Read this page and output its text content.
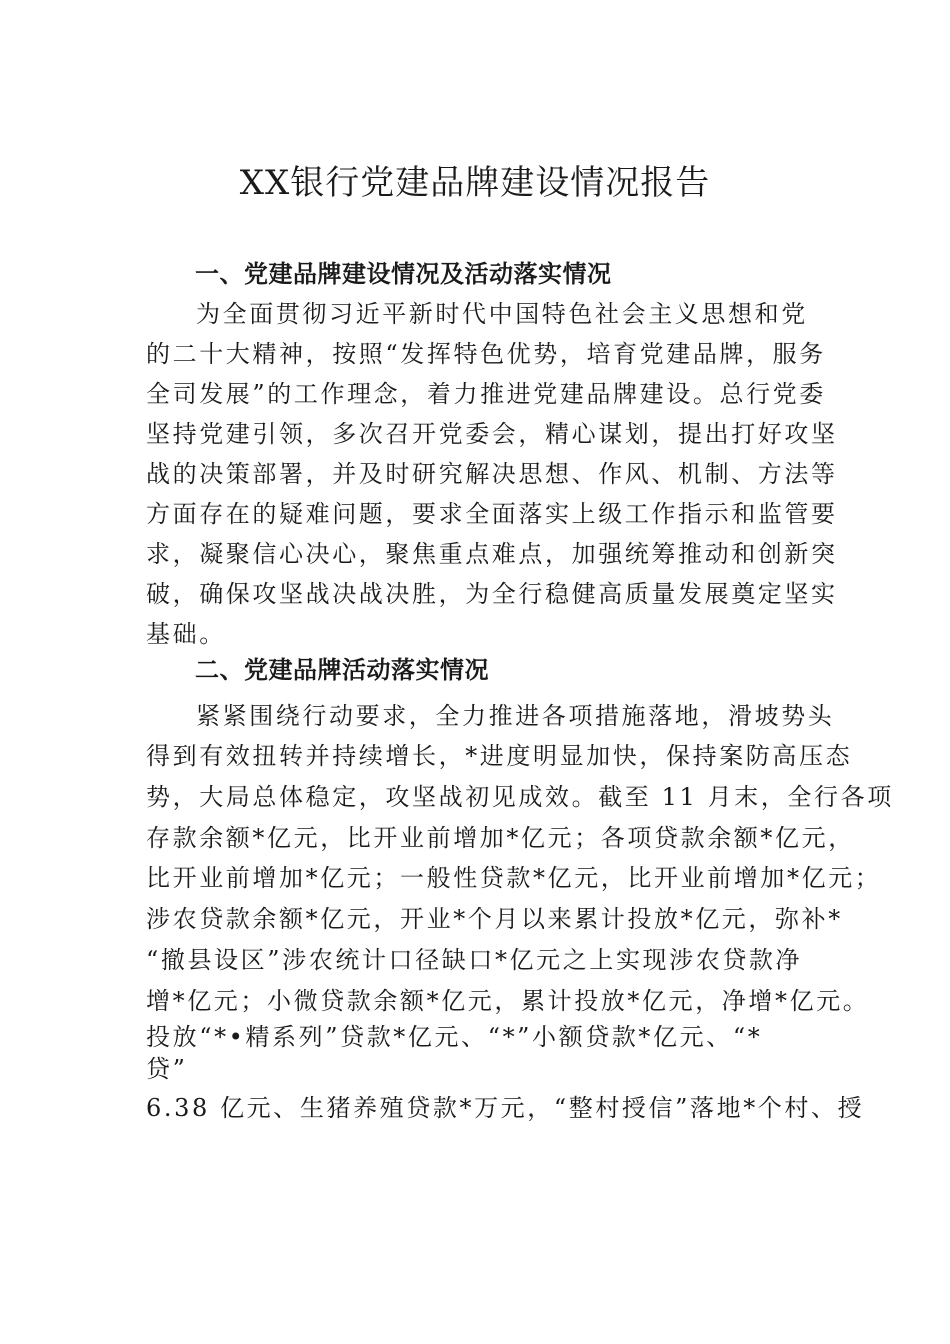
XX银行党建品牌建设情况报告
一、党建品牌建设情况及活动落实情况
为全面贯彻习近平新时代中国特色社会主义思想和党
的二十大精神，按照“发挥特色优势，培育党建品牌，服务
全司发展”的工作理念，着力推进党建品牌建设。总行党委
坚持党建引领，多次召开党委会，精心谋划，提出打好攻坚
战的决策部署，并及时研究解决思想、作风、机制、方法等
方面存在的疑难问题，要求全面落实上级工作指示和监管要
求，凝聚信心决心，聚焦重点难点，加强统筹推动和创新突
破，确保攻坚战决战决胜，为全行稳健高质量发展奠定坚实
基础。
二、党建品牌活动落实情况
紧紧围绕行动要求，全力推进各项措施落地，滑坡势头
得到有效扭转并持续增长，*进度明显加快，保持案防高压态
势，大局总体稳定，攻坚战初见成效。截至 11 月末，全行各项
存款余额*亿元，比开业前增加*亿元；各项贷款余额*亿元，
比开业前增加*亿元；一般性贷款*亿元，比开业前增加*亿元；
涉农贷款余额*亿元，开业*个月以来累计投放*亿元，弥补*
“撤县设区”涉农统计口径缺口*亿元之上实现涉农贷款净
增*亿元；小微贷款余额*亿元，累计投放*亿元，净增*亿元。
投放“*•精系列”贷款*亿元、“*”小额贷款*亿元、“*
贷”
6.38 亿元、生猪养殖贷款*万元，“整村授信”落地*个村、授
